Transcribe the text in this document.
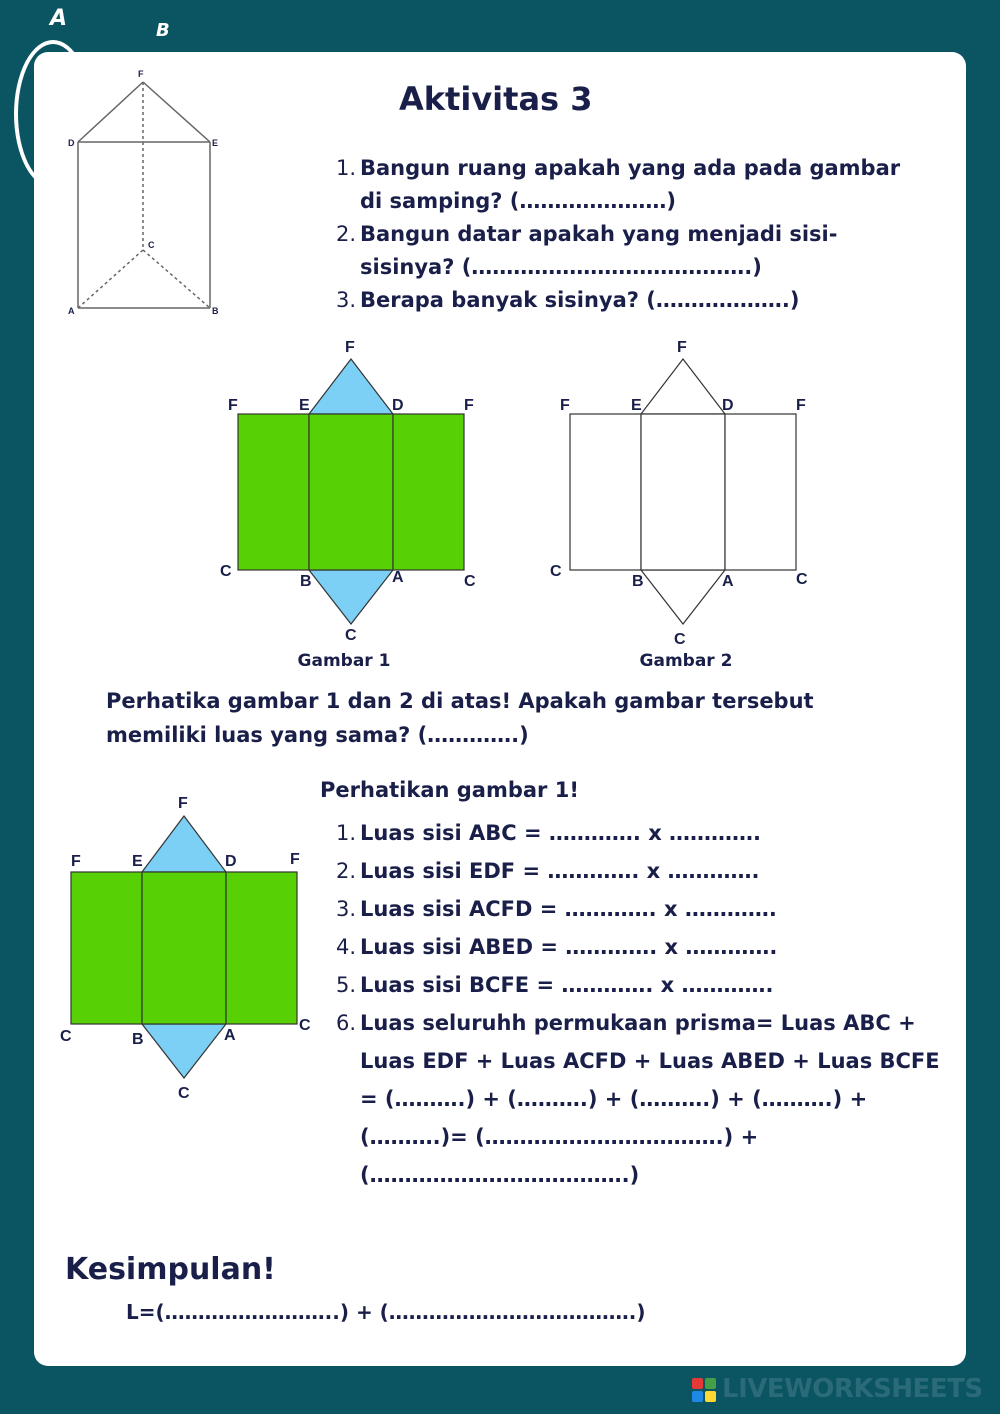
A	B
F
D	E
C
A	B
Aktivitas 3
1. Bangun ruang apakah yang ada pada gambar di samping? (…………………)
2. Bangun datar apakah yang menjadi sisi-sisinya? (………………………………….)
3. Berapa banyak sisinya? (……………….)
F
F	E	D	F
C
B	A	C
C
Gambar 1
F
F	E	D	F
C
B	A	C
C
Gambar 2
Perhatika gambar 1 dan 2 di atas! Apakah gambar tersebut memiliki luas yang sama? (………….)
F
F	E	D	F
C	B	A
C
C
Perhatikan gambar 1!
1. Luas sisi ABC = …………. x ………….
2. Luas sisi EDF = …………. x ………….
3. Luas sisi ACFD = …………. x ………….
4. Luas sisi ABED = …………. x ………….
5. Luas sisi BCFE = …………. x ………….
6. Luas seluruhh permukaan prisma= Luas ABC + Luas EDF + Luas ACFD + Luas ABED + Luas BCFE = (……….) + (……….) + (……….) + (……….) + (……….)= (…………………………….) + (……………………………….)
Kesimpulan!
L=(……………………..) + (……………………………….)
LIVEWORKSHEETS
